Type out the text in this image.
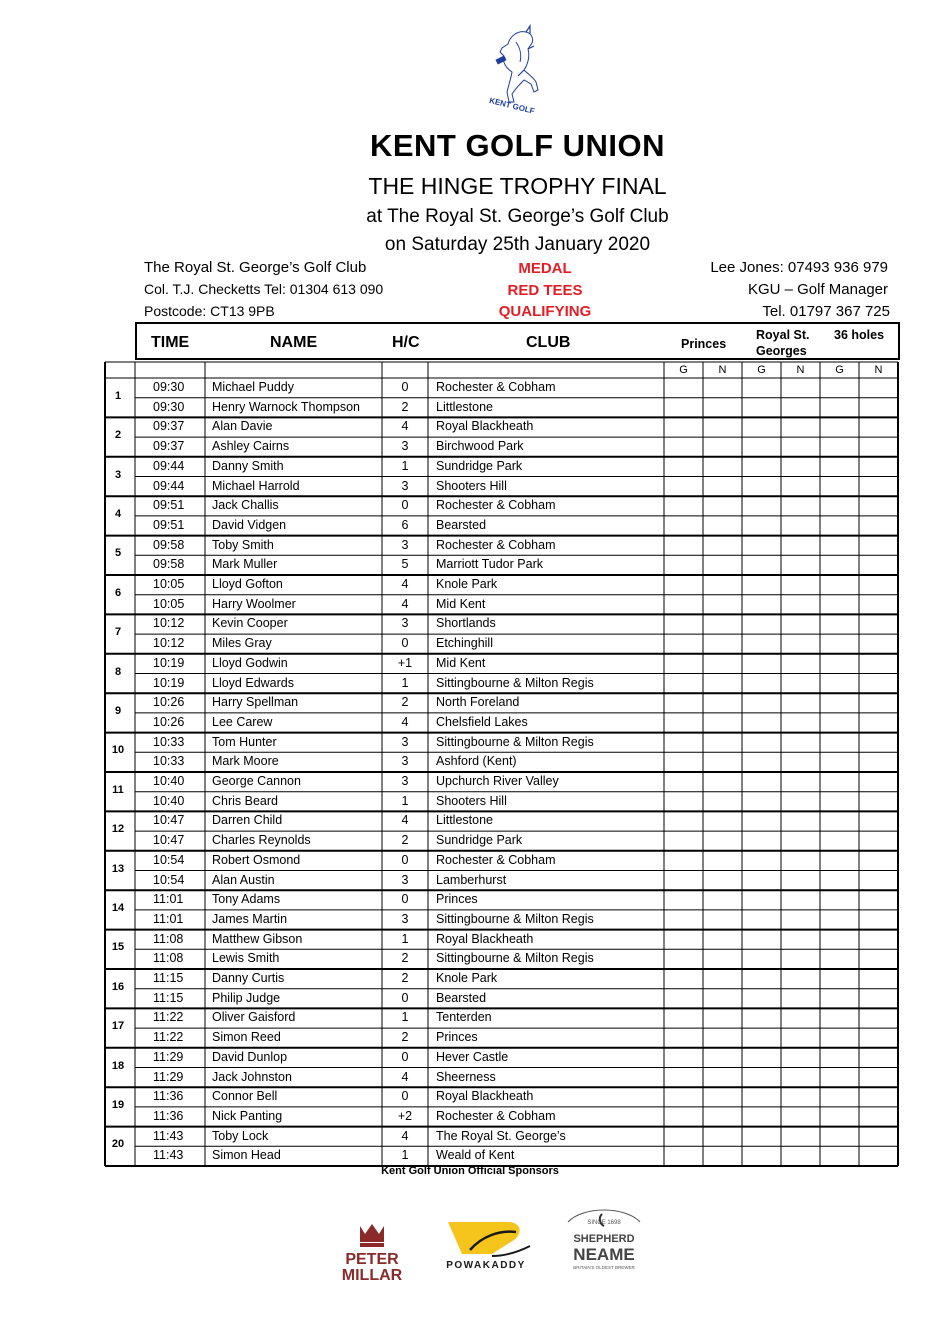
KENT GOLF
KENT GOLF UNION
THE HINGE TROPHY FINAL
at The Royal St. George’s Golf Club
on Saturday 25th January 2020
The Royal St. George’s Golf Club
Col. T.J. Checketts Tel: 01304 613 090
Postcode: CT13 9PB
MEDAL
RED TEES
QUALIFYING
Lee Jones: 07493 936 979
KGU – Golf Manager
Tel. 01797 367 725
TIME	NAME	H/C	CLUB	Princes
Royal St.
Georges
36 holes
G	N	G	N	G	N
1
09:30 Michael Puddy	0	Rochester & Cobham
09:30 Henry Warnock Thompson	2	Littlestone
2
09:37 Alan Davie	4	Royal Blackheath
09:37 Ashley Cairns	3	Birchwood Park
3
09:44 Danny Smith	1	Sundridge Park
09:44 Michael Harrold	3	Shooters Hill
4
09:51 Jack Challis	0	Rochester & Cobham
09:51 David Vidgen	6	Bearsted
5
09:58 Toby Smith	3	Rochester & Cobham
09:58 Mark Muller	5	Marriott Tudor Park
6
10:05 Lloyd Gofton	4	Knole Park
10:05 Harry Woolmer	4	Mid Kent
7
10:12 Kevin Cooper	3	Shortlands
10:12 Miles Gray	0	Etchinghill
8
10:19 Lloyd Godwin	+1	Mid Kent
10:19 Lloyd Edwards	1	Sittingbourne & Milton Regis
9
10:26 Harry Spellman	2	North Foreland
10:26 Lee Carew	4	Chelsfield Lakes
10
10:33 Tom Hunter	3	Sittingbourne & Milton Regis
10:33 Mark Moore	3	Ashford (Kent)
11
10:40 George Cannon	3	Upchurch River Valley
10:40 Chris Beard	1	Shooters Hill
12
10:47 Darren Child	4	Littlestone
10:47 Charles Reynolds	2	Sundridge Park
13
10:54 Robert Osmond	0	Rochester & Cobham
10:54 Alan Austin	3	Lamberhurst
14
11:01 Tony Adams	0	Princes
11:01 James Martin	3	Sittingbourne & Milton Regis
15
11:08 Matthew Gibson	1	Royal Blackheath
11:08 Lewis Smith	2	Sittingbourne & Milton Regis
16
11:15 Danny Curtis	2	Knole Park
11:15 Philip Judge	0	Bearsted
17
11:22 Oliver Gaisford	1	Tenterden
11:22 Simon Reed	2	Princes
18
11:29 David Dunlop	0	Hever Castle
11:29 Jack Johnston	4	Sheerness
19
11:36 Connor Bell	0	Royal Blackheath
11:36 Nick Panting	+2	Rochester & Cobham
20
11:43 Toby Lock	4	The Royal St. George’s
11:43 Simon Head	1	Weald of Kent
Kent Golf Union Official Sponsors
PETER
MILLAR
POWAKADDY
SINCE 1698
SHEPHERD
NEAME
BRITAIN'S OLDEST BREWER
